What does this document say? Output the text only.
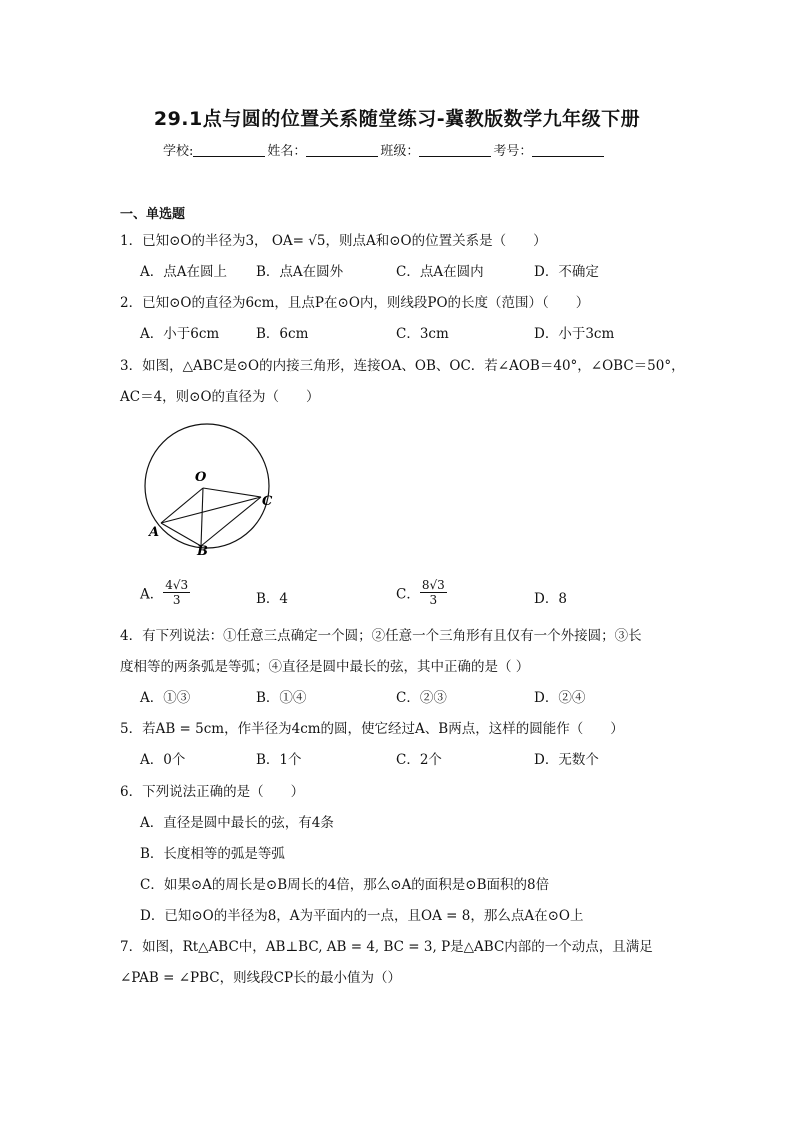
29.1点与圆的位置关系随堂练习-冀教版数学九年级下册
学校:	姓名：	班级：	考号：
一、单选题
1．已知⊙O的半径为3， OA= √5，则点A和⊙O的位置关系是（　　）
A．点A在圆上 B．点A在圆外	C．点A在圆内	D．不确定
2．已知⊙O的直径为6cm，且点P在⊙O内，则线段PO的长度（范围）（　　）
A．小于6cm	B．6cm	C．3cm	D．小于3cm
3．如图，△ABC是⊙O的内接三角形，连接OA、OB、OC．若∠AOB＝40°，∠OBC＝50°，
AC＝4，则⊙O的直径为（　　）
O
C
A
B
A． $\frac{4√3}{3}$	B．4	C． $\frac{8√3}{3}$	D．8
4．有下列说法：①任意三点确定一个圆；②任意一个三角形有且仅有一个外接圆；③长
度相等的两条弧是等弧；④直径是圆中最长的弦，其中正确的是（ ）
A．①③	B．①④	C．②③	D．②④
5．若AB = 5cm，作半径为4cm的圆，使它经过A、B两点，这样的圆能作（　　）
A．0个	B．1个	C．2个	D．无数个
6．下列说法正确的是（　　）
A．直径是圆中最长的弦，有4条
B．长度相等的弧是等弧
C．如果⊙A的周长是⊙B周长的4倍，那么⊙A的面积是⊙B面积的8倍
D．已知⊙O的半径为8，A为平面内的一点，且OA = 8，那么点A在⊙O上
7．如图，Rt△ABC中，AB⊥BC, AB = 4, BC = 3, P是△ABC内部的一个动点，且满足
∠PAB = ∠PBC，则线段CP长的最小值为（）
